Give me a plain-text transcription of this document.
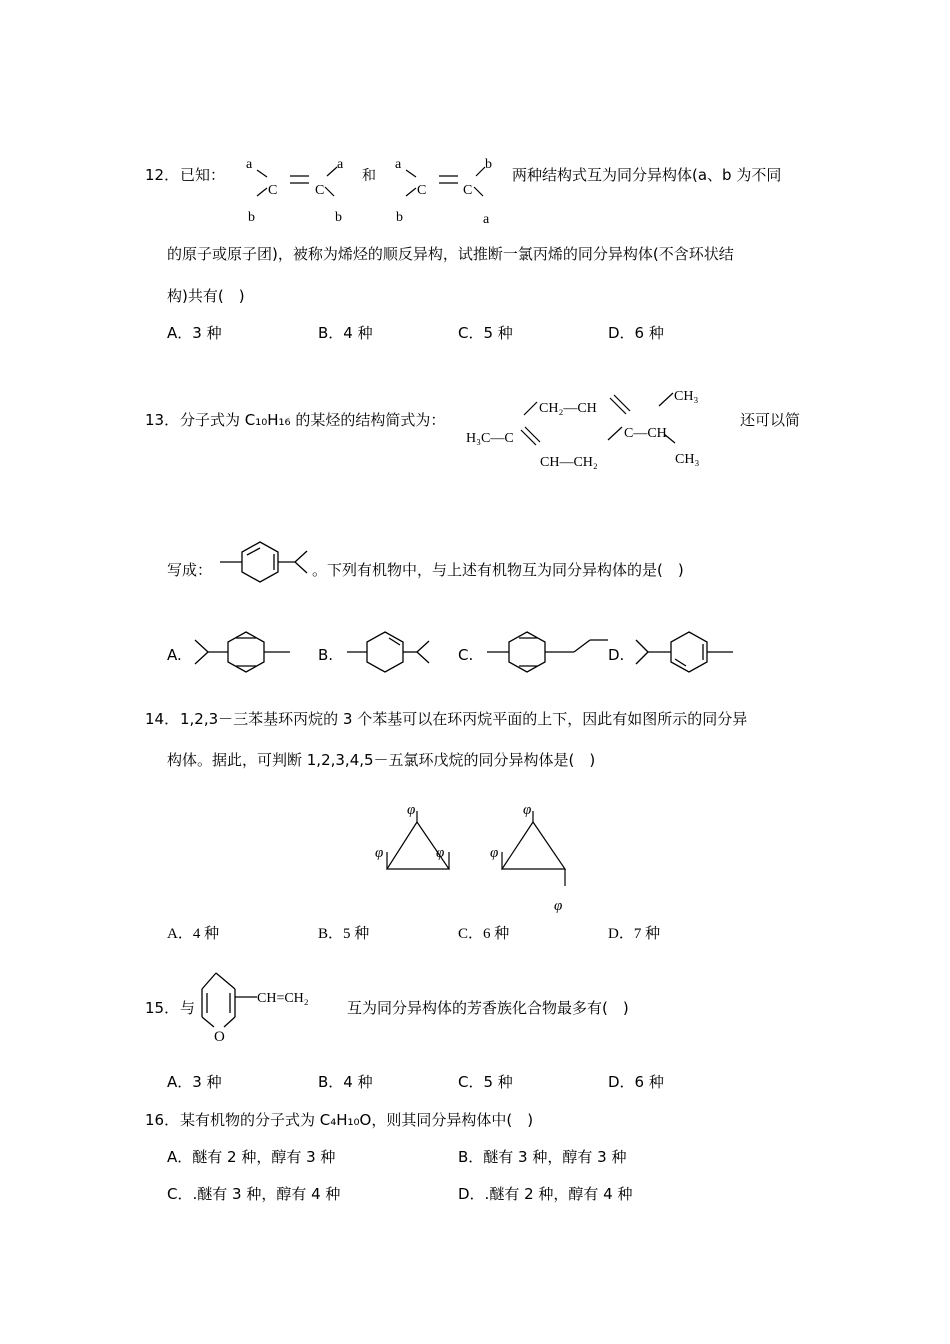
12． 已知：
a
C
b
C
a
b
和
a
C
b
C
b
a
两种结构式互为同分异构体(a、b 为不同
的原子或原子团)，被称为烯烃的顺反异构，试推断一氯丙烯的同分异构体(不含环状结
构)共有(　)
A．3 种	B．4 种	C．5 种	D．6 种
13． 分子式为 C₁₀H₁₆ 的某烃的结构简式为：
CH₂—CH
CH₃
H₃C—C	C—CH
CH—CH₂	CH₃
还可以简
写成：	。下列有机物中，与上述有机物互为同分异构体的是(　)
A.	B.	C.	D.
14． 1,2,3－三苯基环丙烷的 3 个苯基可以在环丙烷平面的上下，因此有如图所示的同分异
构体。据此，可判断 1,2,3,4,5－五氯环戊烷的同分异构体是(　)
φ
φ	φ
φ
φ
φ
A．4 种	B．5 种	C．6 种	D．7 种
15． 与
O
CH=CH₂
互为同分异构体的芳香族化合物最多有(　)
A．3 种	B．4 种	C．5 种	D．6 种
16． 某有机物的分子式为 C₄H₁₀O，则其同分异构体中(　)
A．醚有 2 种，醇有 3 种	B．醚有 3 种，醇有 3 种
C．.醚有 3 种，醇有 4 种	D．.醚有 2 种，醇有 4 种
